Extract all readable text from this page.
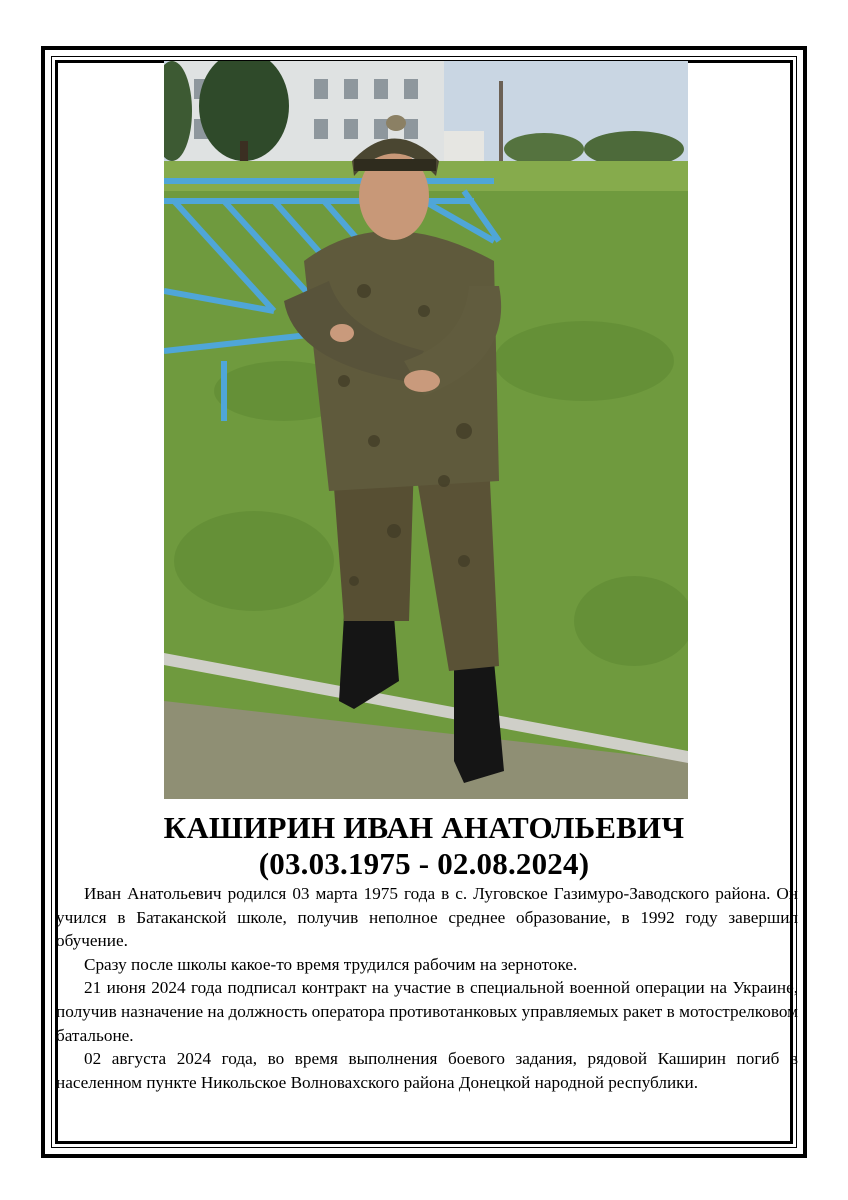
КАШИРИН ИВАН АНАТОЛЬЕВИЧ
(03.03.1975 - 02.08.2024)

Иван Анатольевич родился 03 марта 1975 года в с. Луговское Газимуро-Заводского района. Он учился в Батаканской школе, получив неполное среднее образование, в 1992 году завершил обучение.

Сразу после школы какое-то время трудился рабочим на зернотоке.

21 июня 2024 года подписал контракт на участие в специальной военной операции на Украине, получив назначение на должность оператора противотанковых управляемых ракет в мотострелковом батальоне.

02 августа 2024 года, во время выполнения боевого задания, рядовой Каширин погиб в населенном пункте Никольское Волновахского района Донецкой народной республики.
